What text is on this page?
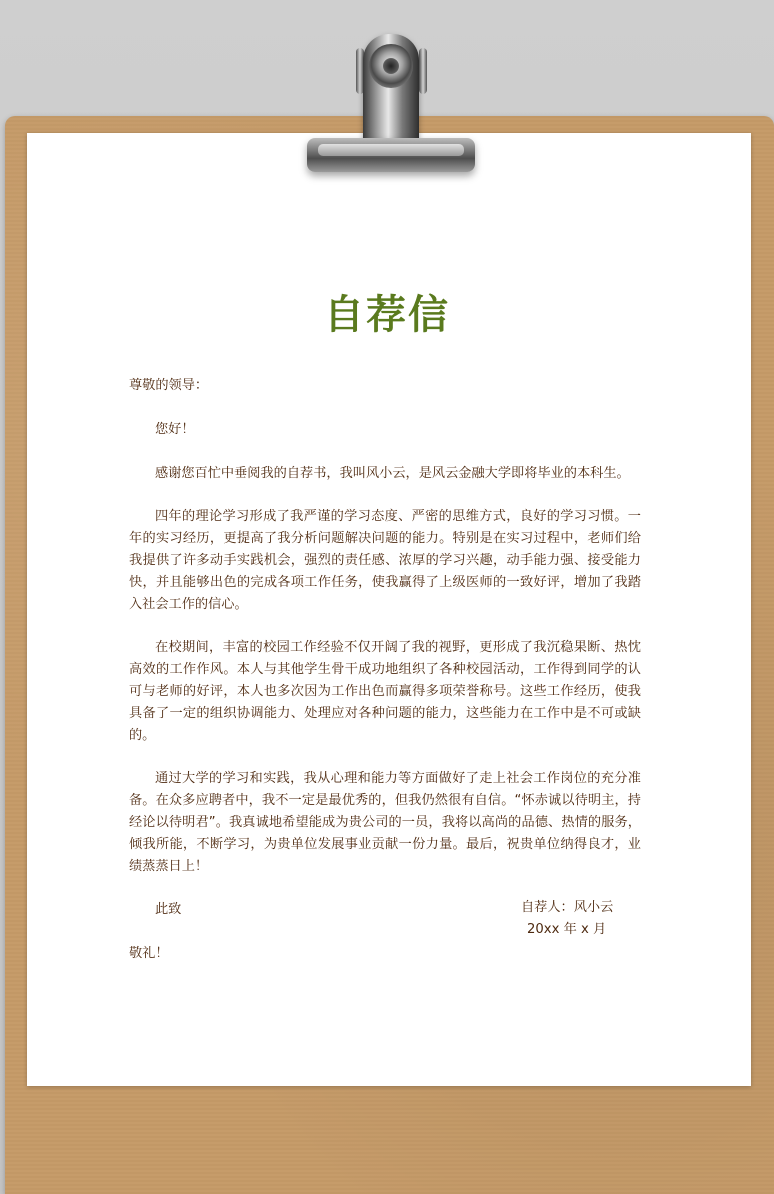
自荐信

尊敬的领导：

您好！

感谢您百忙中垂阅我的自荐书，我叫风小云，是风云金融大学即将毕业的本科生。

四年的理论学习形成了我严谨的学习态度、严密的思维方式，良好的学习习惯。一年的实习经历，更提高了我分析问题解决问题的能力。特别是在实习过程中，老师们给我提供了许多动手实践机会，强烈的责任感、浓厚的学习兴趣，动手能力强、接受能力快，并且能够出色的完成各项工作任务，使我赢得了上级医师的一致好评，增加了我踏入社会工作的信心。

在校期间，丰富的校园工作经验不仅开阔了我的视野，更形成了我沉稳果断、热忱高效的工作作风。本人与其他学生骨干成功地组织了各种校园活动，工作得到同学的认可与老师的好评，本人也多次因为工作出色而赢得多项荣誉称号。这些工作经历，使我具备了一定的组织协调能力、处理应对各种问题的能力，这些能力在工作中是不可或缺的。

通过大学的学习和实践，我从心理和能力等方面做好了走上社会工作岗位的充分准备。在众多应聘者中，我不一定是最优秀的，但我仍然很有自信。“怀赤诚以待明主，持经论以待明君”。我真诚地希望能成为贵公司的一员，我将以高尚的品德、热情的服务，倾我所能，不断学习，为贵单位发展事业贡献一份力量。最后，祝贵单位纳得良才，业绩蒸蒸日上！

此致

敬礼！

自荐人：风小云
20xx 年 x 月
